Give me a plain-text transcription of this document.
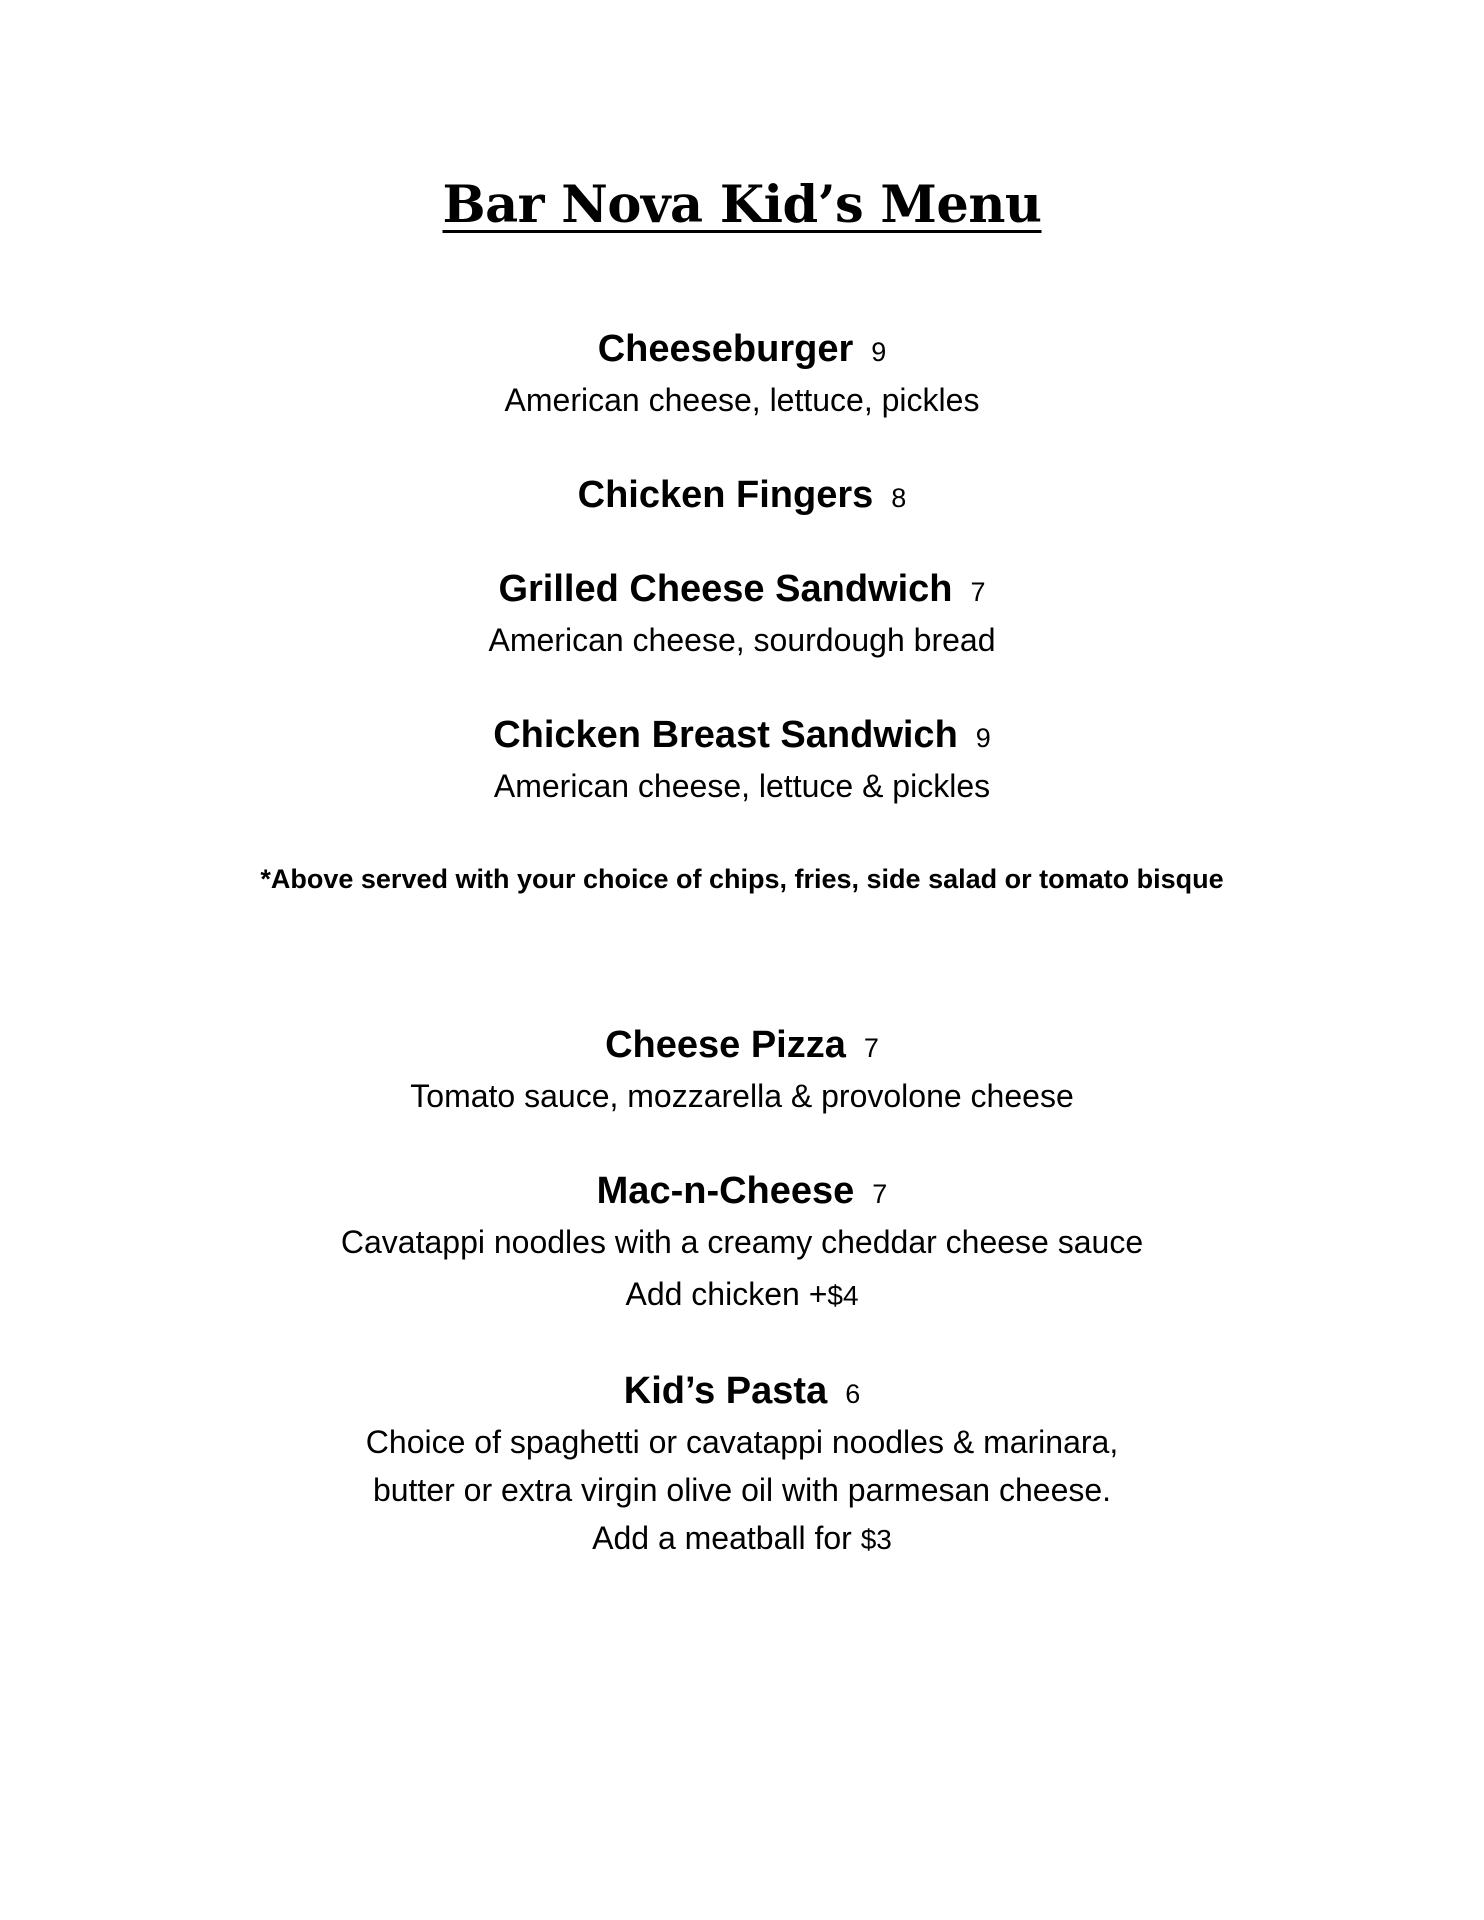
Bar Nova Kid’s Menu
Cheeseburger 9
American cheese, lettuce, pickles
Chicken Fingers 8
Grilled Cheese Sandwich 7
American cheese, sourdough bread
Chicken Breast Sandwich 9
American cheese, lettuce & pickles
*Above served with your choice of chips, fries, side salad or tomato bisque
Cheese Pizza 7
Tomato sauce, mozzarella & provolone cheese
Mac-n-Cheese 7
Cavatappi noodles with a creamy cheddar cheese sauce
Add chicken +$4
Kid’s Pasta 6
Choice of spaghetti or cavatappi noodles & marinara,
butter or extra virgin olive oil with parmesan cheese.
Add a meatball for $3
